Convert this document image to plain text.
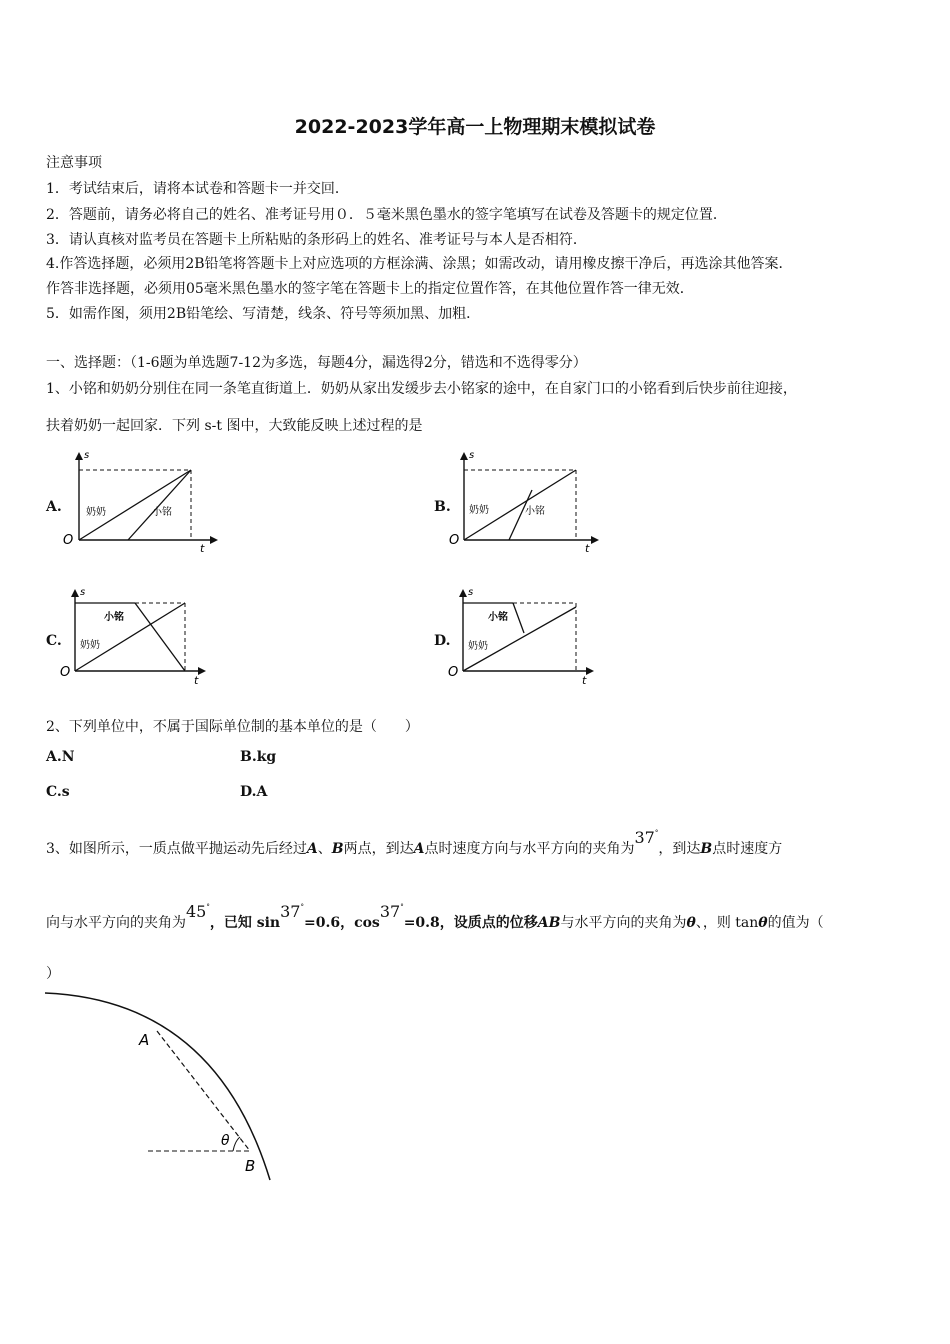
2022-2023学年高一上物理期末模拟试卷
注意事项
1．考试结束后，请将本试卷和答题卡一并交回．
2．答题前，请务必将自己的姓名、准考证号用０．５毫米黑色墨水的签字笔填写在试卷及答题卡的规定位置．
3．请认真核对监考员在答题卡上所粘贴的条形码上的姓名、准考证号与本人是否相符．
4.作答选择题，必须用2B铅笔将答题卡上对应选项的方框涂满、涂黑；如需改动，请用橡皮擦干净后，再选涂其他答案．
作答非选择题，必须用05毫米黑色墨水的签字笔在答题卡上的指定位置作答，在其他位置作答一律无效．
5．如需作图，须用2B铅笔绘、写清楚，线条、符号等须加黑、加粗．
一、选择题：（1-6题为单选题7-12为多选，每题4分，漏选得2分，错选和不选得零分）
1、小铭和奶奶分别住在同一条笔直街道上．奶奶从家出发缓步去小铭家的途中，在自家门口的小铭看到后快步前往迎接，
扶着奶奶一起回家．下列 s-t 图中，大致能反映上述过程的是
A.
s
O
t
奶奶	小铭	B.
s
O
t
奶奶	小铭
C.
s
O
t
奶奶
小铭
D.
s
O
t
奶奶
小铭
2、下列单位中，不属于国际单位制的基本单位的是（　　）
A.N	B.kg
C.s	D.A
3、如图所示，一质点做平抛运动先后经过A、B两点，到达A点时速度方向与水平方向的夹角为37°，到达B点时速度方
向与水平方向的夹角为45°，已知 sin37°=0.6，cos37°=0.8，设质点的位移AB与水平方向的夹角为θ、，则 tanθ的值为（
）
A
B
θ
